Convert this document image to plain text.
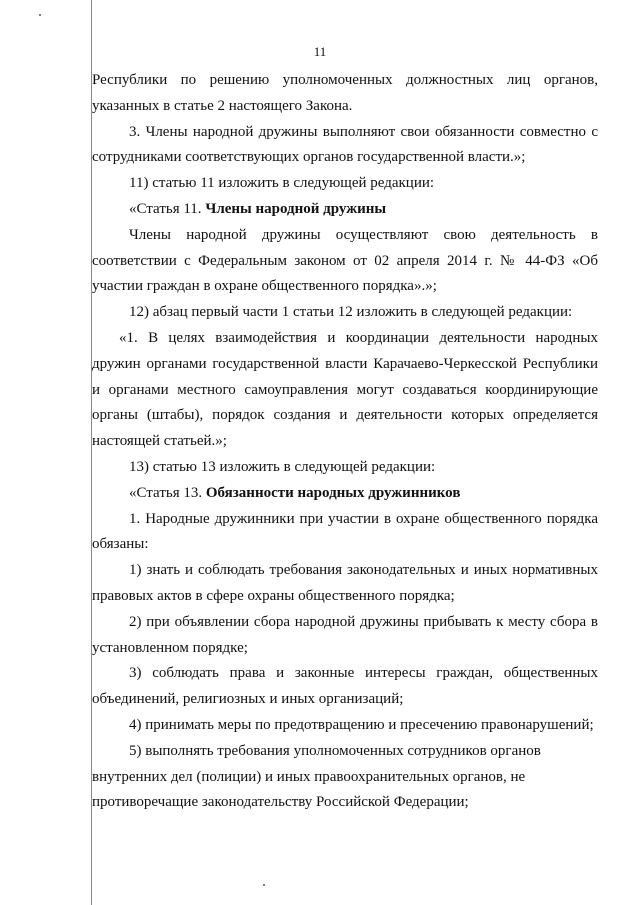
11

Республики по решению уполномоченных должностных лиц органов, указанных в статье 2 настоящего Закона.

3. Члены народной дружины выполняют свои обязанности совместно с сотрудниками соответствующих органов государственной власти.»;

11) статью 11 изложить в следующей редакции:

«Статья 11. Члены народной дружины

Члены народной дружины осуществляют свою деятельность в соответствии с Федеральным законом от 02 апреля 2014 г. № 44-ФЗ «Об участии граждан в охране общественного порядка».»;

12) абзац первый части 1 статьи 12 изложить в следующей редакции:

«1. В целях взаимодействия и координации деятельности народных дружин органами государственной власти Карачаево-Черкесской Республики и органами местного самоуправления могут создаваться координирующие органы (штабы), порядок создания и деятельности которых определяется настоящей статьей.»;

13) статью 13 изложить в следующей редакции:

«Статья 13. Обязанности народных дружинников

1. Народные дружинники при участии в охране общественного порядка обязаны:

1) знать и соблюдать требования законодательных и иных нормативных правовых актов в сфере охраны общественного порядка;

2) при объявлении сбора народной дружины прибывать к месту сбора в установленном порядке;

3) соблюдать права и законные интересы граждан, общественных объединений, религиозных и иных организаций;

4) принимать меры по предотвращению и пресечению правонарушений;

5) выполнять требования уполномоченных сотрудников органов внутренних дел (полиции) и иных правоохранительных органов, не противоречащие законодательству Российской Федерации;
